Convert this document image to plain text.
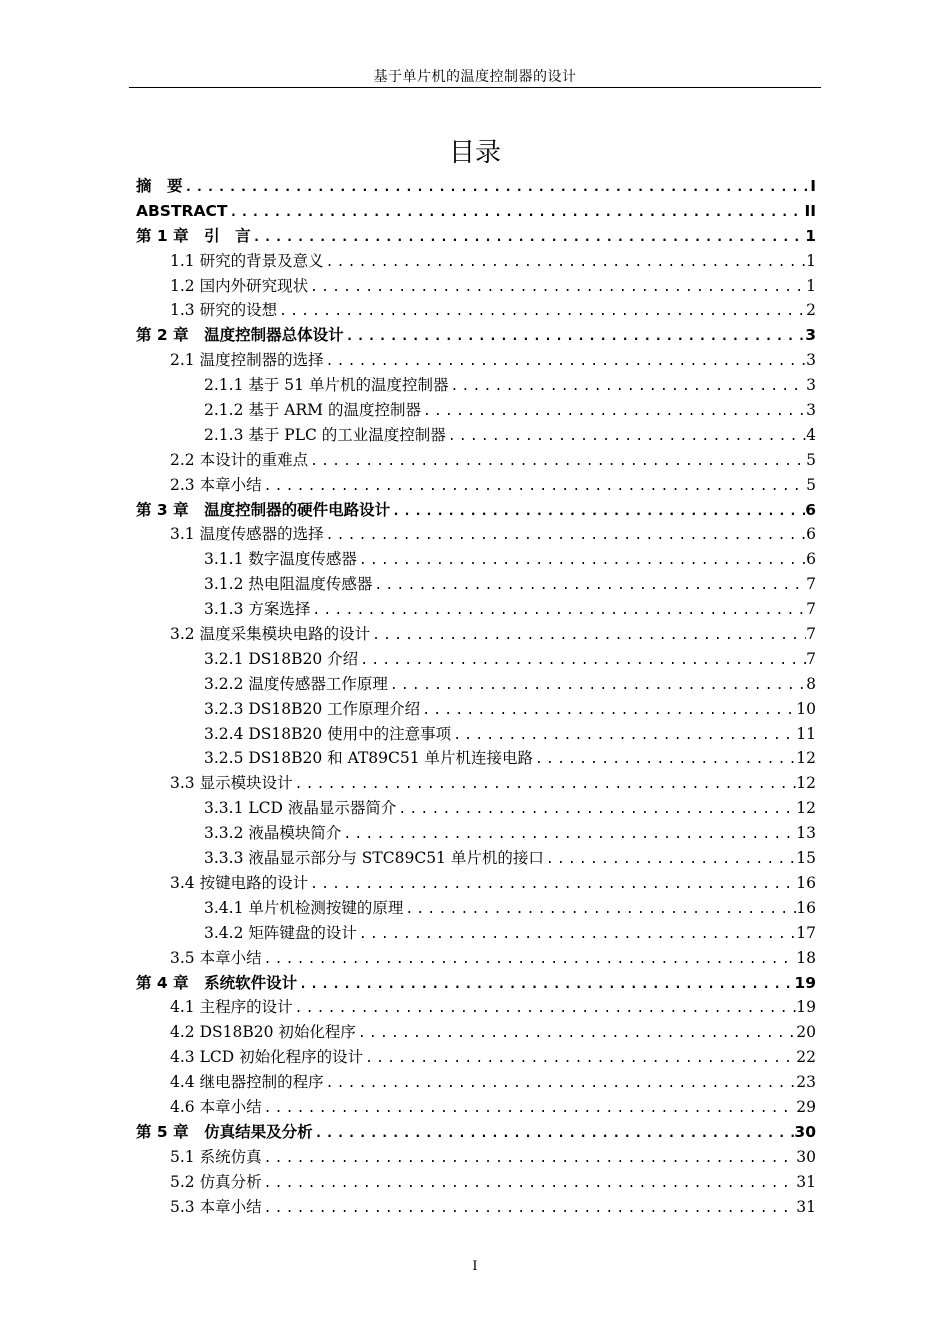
基于单片机的温度控制器的设计
目录
摘　要 .....	I
ABSTRACT .....	II
第 1 章　引　言 .....	1
1.1 研究的背景及意义 .....	1
1.2 国内外研究现状 .....	1
1.3 研究的设想 .....	2
第 2 章　温度控制器总体设计 .....	3
2.1 温度控制器的选择 .....	3
2.1.1 基于 51 单片机的温度控制器 .....	3
2.1.2 基于 ARM 的温度控制器 .....	3
2.1.3 基于 PLC 的工业温度控制器 .....	4
2.2 本设计的重难点 .....	5
2.3 本章小结 .....	5
第 3 章　温度控制器的硬件电路设计 .....	6
3.1 温度传感器的选择 .....	6
3.1.1 数字温度传感器 .....	6
3.1.2 热电阻温度传感器 .....	7
3.1.3 方案选择 .....	7
3.2 温度采集模块电路的设计 .....	7
3.2.1 DS18B20 介绍 .....	7
3.2.2 温度传感器工作原理 .....	8
3.2.3 DS18B20 工作原理介绍 .....	10
3.2.4 DS18B20 使用中的注意事项 .....	11
3.2.5 DS18B20 和 AT89C51 单片机连接电路 .....	12
3.3 显示模块设计 .....	12
3.3.1 LCD 液晶显示器简介 .....	12
3.3.2 液晶模块简介 .....	13
3.3.3 液晶显示部分与 STC89C51 单片机的接口 .....	15
3.4 按键电路的设计 .....	16
3.4.1 单片机检测按键的原理 .....	16
3.4.2 矩阵键盘的设计 .....	17
3.5 本章小结 .....	18
第 4 章　系统软件设计 .....	19
4.1 主程序的设计 .....	19
4.2 DS18B20 初始化程序 .....	20
4.3 LCD 初始化程序的设计 .....	22
4.4 继电器控制的程序 .....	23
4.6 本章小结 .....	29
第 5 章　仿真结果及分析 .....	30
5.1 系统仿真 .....	30
5.2 仿真分析 .....	31
5.3 本章小结 .....	31
I
